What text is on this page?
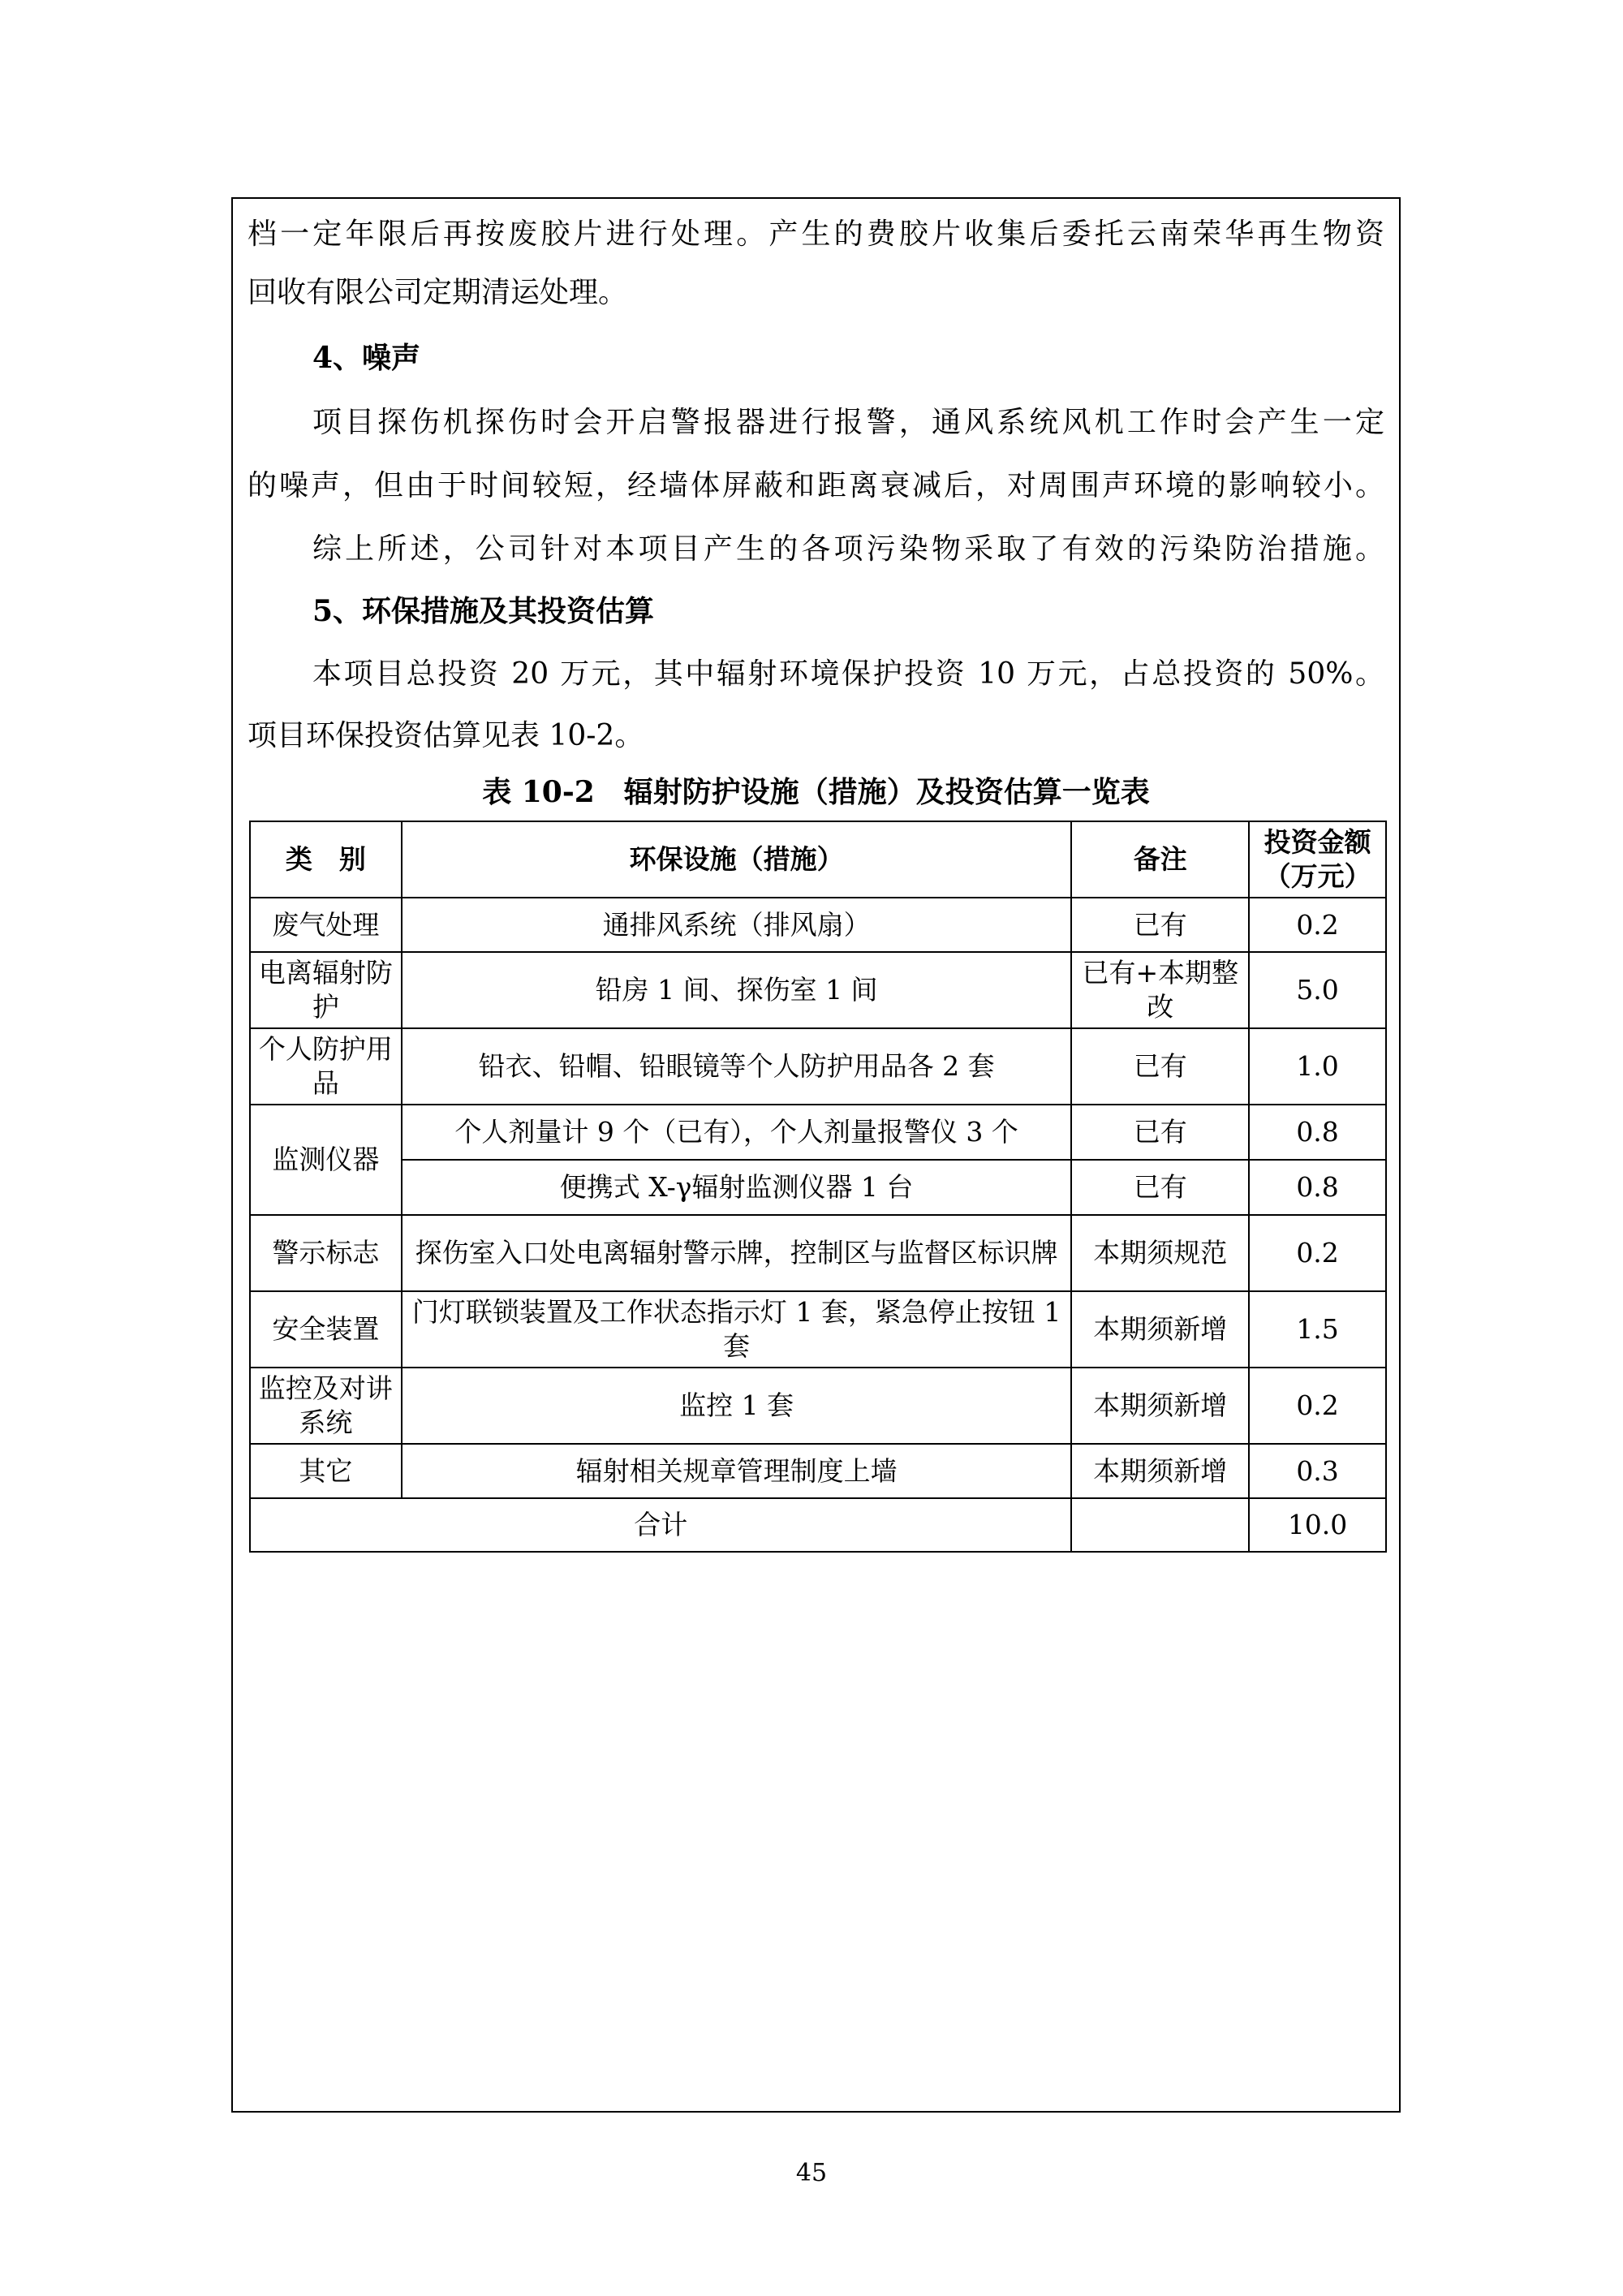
档一定年限后再按废胶片进行处理。产生的费胶片收集后委托云南荣华再生物资
回收有限公司定期清运处理。
4、噪声
项目探伤机探伤时会开启警报器进行报警，通风系统风机工作时会产生一定
的噪声，但由于时间较短，经墙体屏蔽和距离衰减后，对周围声环境的影响较小。
综上所述，公司针对本项目产生的各项污染物采取了有效的污染防治措施。
5、环保措施及其投资估算
本项目总投资 20 万元，其中辐射环境保护投资 10 万元，占总投资的 50%。
项目环保投资估算见表 10-2。
表 10-2　辐射防护设施（措施）及投资估算一览表
类　别	环保设施（措施）	备注	投资金额
（万元）

废气处理	通排风系统（排风扇）	已有	0.2
电离辐射防护	铅房 1 间、探伤室 1 间	已有+本期整改	5.0
个人防护用品	铅衣、铅帽、铅眼镜等个人防护用品各 2 套	已有	1.0
监测仪器	个人剂量计 9 个（已有），个人剂量报警仪 3 个	已有	0.8
	便携式 X-γ辐射监测仪器 1 台	已有	0.8
警示标志	探伤室入口处电离辐射警示牌，控制区与监督区标识牌	本期须规范	0.2
安全装置	门灯联锁装置及工作状态指示灯 1 套，紧急停止按钮 1 套	本期须新增	1.5
监控及对讲系统	监控 1 套	本期须新增	0.2
其它	辐射相关规章管理制度上墙	本期须新增	0.3
合计			10.0
45
